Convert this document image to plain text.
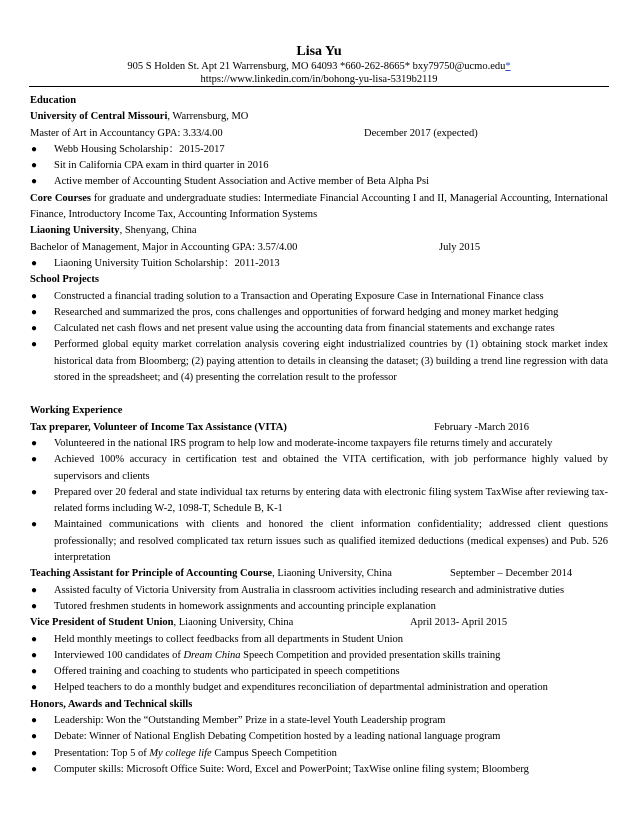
Lisa Yu
905 S Holden St. Apt 21 Warrensburg, MO 64093 *660-262-8665* bxy79750@ucmo.edu*
https://www.linkedin.com/in/bohong-yu-lisa-5319b2119
Education
University of Central Missouri, Warrensburg, MO
Master of Art in Accountancy GPA: 3.33/4.00	December 2017 (expected)
● Webb Housing Scholarship：2015-2017
● Sit in California CPA exam in third quarter in 2016
● Active member of Accounting Student Association and Active member of Beta Alpha Psi
Core Courses for graduate and undergraduate studies: Intermediate Financial Accounting I and II, Managerial Accounting, International Finance, Introductory Income Tax, Accounting Information Systems
Liaoning University, Shenyang, China
Bachelor of Management, Major in Accounting GPA: 3.57/4.00	July 2015
● Liaoning University Tuition Scholarship：2011-2013
School Projects
● Constructed a financial trading solution to a Transaction and Operating Exposure Case in International Finance class
● Researched and summarized the pros, cons challenges and opportunities of forward hedging and money market hedging
● Calculated net cash flows and net present value using the accounting data from financial statements and exchange rates
● Performed global equity market correlation analysis covering eight industrialized countries by (1) obtaining stock market index historical data from Bloomberg; (2) paying attention to details in cleansing the dataset; (3) building a trend line regression with data stored in the spreadsheet; and (4) presenting the correlation result to the professor
Working Experience
Tax preparer, Volunteer of Income Tax Assistance (VITA)	February -March 2016
● Volunteered in the national IRS program to help low and moderate-income taxpayers file returns timely and accurately
● Achieved 100% accuracy in certification test and obtained the VITA certification, with job performance highly valued by supervisors and clients
● Prepared over 20 federal and state individual tax returns by entering data with electronic filing system TaxWise after reviewing tax-related forms including W-2, 1098-T, Schedule B, K-1
● Maintained communications with clients and honored the client information confidentiality; addressed client questions professionally; and resolved complicated tax return issues such as qualified itemized deductions (medical expenses) and Pub. 526 interpretation
Teaching Assistant for Principle of Accounting Course, Liaoning University, China	September – December 2014
● Assisted faculty of Victoria University from Australia in classroom activities including research and administrative duties
● Tutored freshmen students in homework assignments and accounting principle explanation
Vice President of Student Union, Liaoning University, China	April 2013- April 2015
● Held monthly meetings to collect feedbacks from all departments in Student Union
● Interviewed 100 candidates of Dream China Speech Competition and provided presentation skills training
● Offered training and coaching to students who participated in speech competitions
● Helped teachers to do a monthly budget and expenditures reconciliation of departmental administration and operation
Honors, Awards and Technical skills
● Leadership: Won the “Outstanding Member” Prize in a state-level Youth Leadership program
● Debate: Winner of National English Debating Competition hosted by a leading national language program
● Presentation: Top 5 of My college life Campus Speech Competition
● Computer skills: Microsoft Office Suite: Word, Excel and PowerPoint; TaxWise online filing system; Bloomberg
